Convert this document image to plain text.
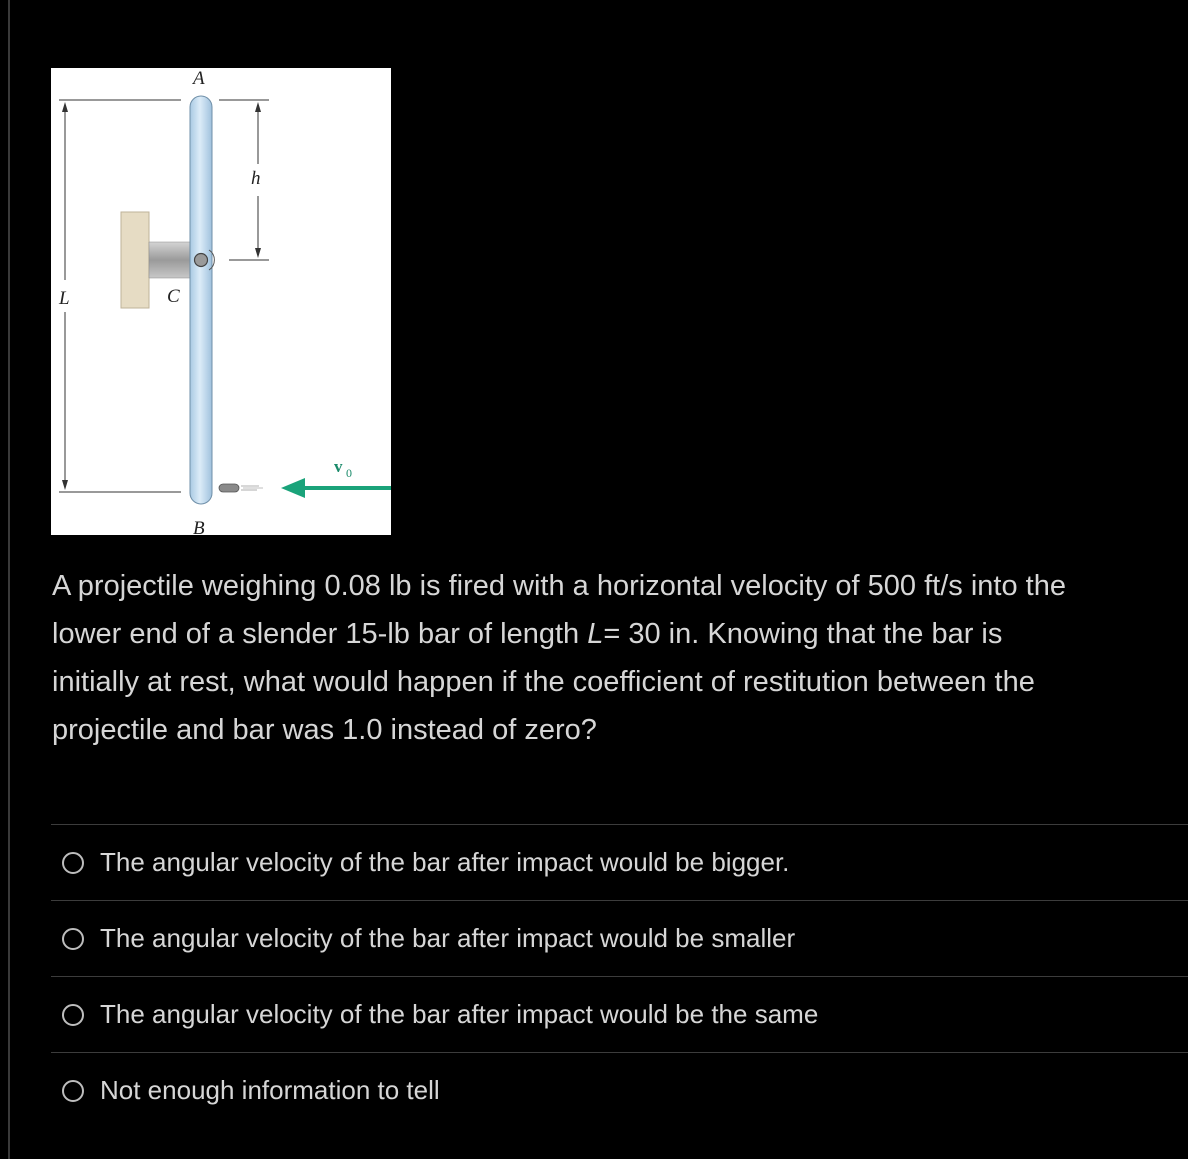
L
h
v 0
A
B
C
A projectile weighing 0.08 lb is fired with a horizontal velocity of 500 ft/s into the
lower end of a slender 15-lb bar of length L= 30 in. Knowing that the bar is
initially at rest, what would happen if the coefficient of restitution between the
projectile and bar was 1.0 instead of zero?
The angular velocity of the bar after impact would be bigger.
The angular velocity of the bar after impact would be smaller
The angular velocity of the bar after impact would be the same
Not enough information to tell
